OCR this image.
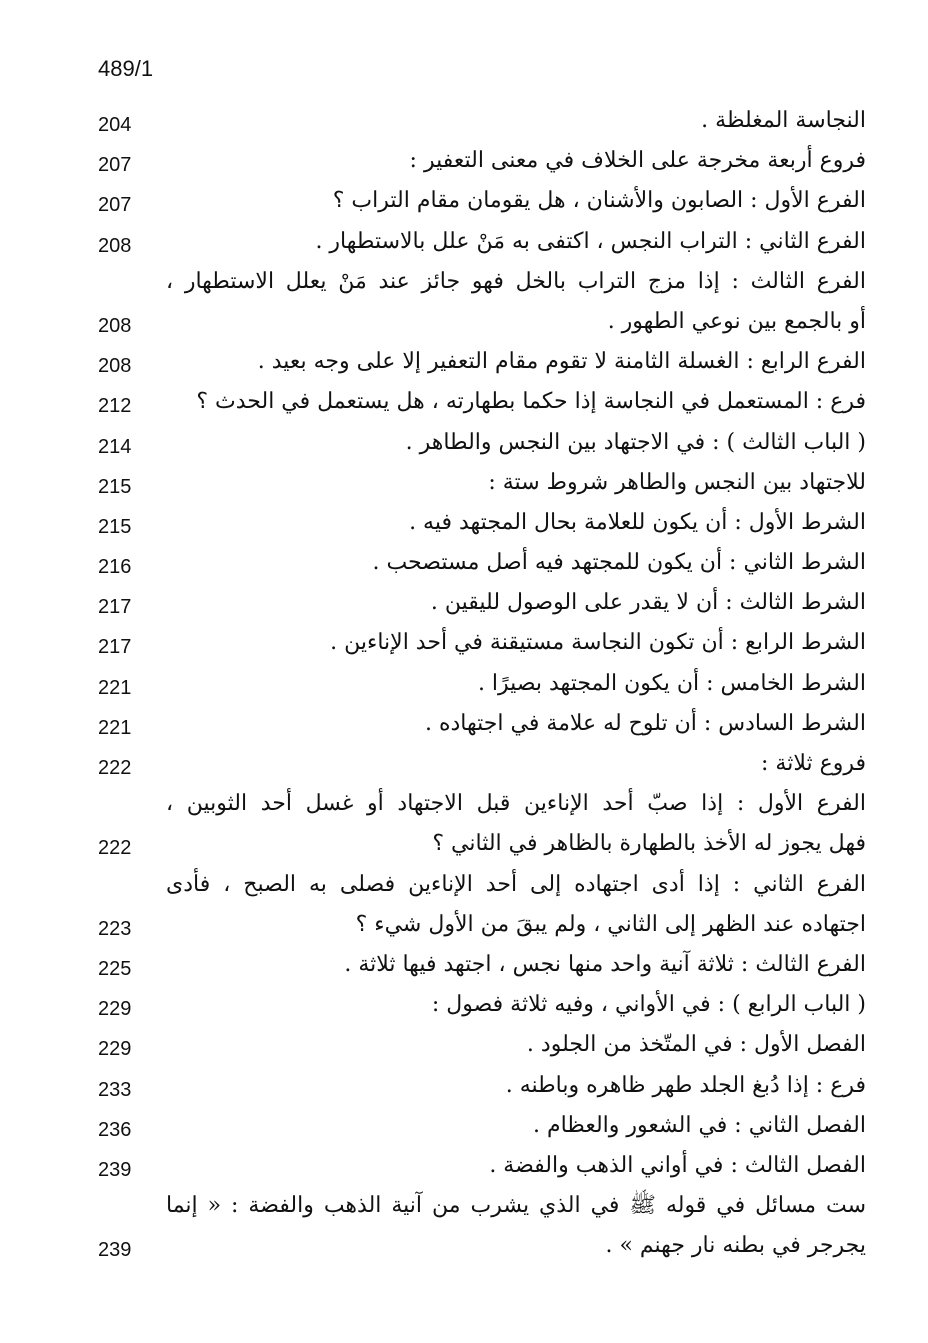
489/1
204	النجاسة المغلظة .
207	فروع أربعة مخرجة على الخلاف في معنى التعفير :
207	الفرع الأول : الصابون والأشنان ، هل يقومان مقام التراب ؟
208	الفرع الثاني : التراب النجس ، اكتفى به مَنْ علل بالاستطهار .
الفرع الثالث : إذا مزج التراب بالخل فهو جائز عند مَنْ يعلل الاستطهار ،
208	أو بالجمع بين نوعي الطهور .
208	الفرع الرابع : الغسلة الثامنة لا تقوم مقام التعفير إلا على وجه بعيد .
212	فرع : المستعمل في النجاسة إذا حكما بطهارته ، هل يستعمل في الحدث ؟
214	( الباب الثالث ) : في الاجتهاد بين النجس والطاهر .
215	للاجتهاد بين النجس والطاهر شروط ستة :
215	الشرط الأول : أن يكون للعلامة بحال المجتهد فيه .
216	الشرط الثاني : أن يكون للمجتهد فيه أصل مستصحب .
217	الشرط الثالث : أن لا يقدر على الوصول لليقين .
217	الشرط الرابع : أن تكون النجاسة مستيقنة في أحد الإناءين .
221	الشرط الخامس : أن يكون المجتهد بصيرًا .
221	الشرط السادس : أن تلوح له علامة في اجتهاده .
222	فروع ثلاثة :
الفرع الأول : إذا صبّ أحد الإناءين قبل الاجتهاد أو غسل أحد الثوبين ،
222	فهل يجوز له الأخذ بالطهارة بالظاهر في الثاني ؟
الفرع الثاني : إذا أدى اجتهاده إلى أحد الإناءين فصلى به الصبح ، فأدى
223	اجتهاده عند الظهر إلى الثاني ، ولم يبقَ من الأول شيء ؟
225	الفرع الثالث : ثلاثة آنية واحد منها نجس ، اجتهد فيها ثلاثة .
229	( الباب الرابع ) : في الأواني ، وفيه ثلاثة فصول :
229	الفصل الأول : في المتّخذ من الجلود .
233	فرع : إذا دُبغ الجلد طهر ظاهره وباطنه .
236	الفصل الثاني : في الشعور والعظام .
239	الفصل الثالث : في أواني الذهب والفضة .
ست مسائل في قوله ﷺ في الذي يشرب من آنية الذهب والفضة : « إنما
239	يجرجر في بطنه نار جهنم » .
